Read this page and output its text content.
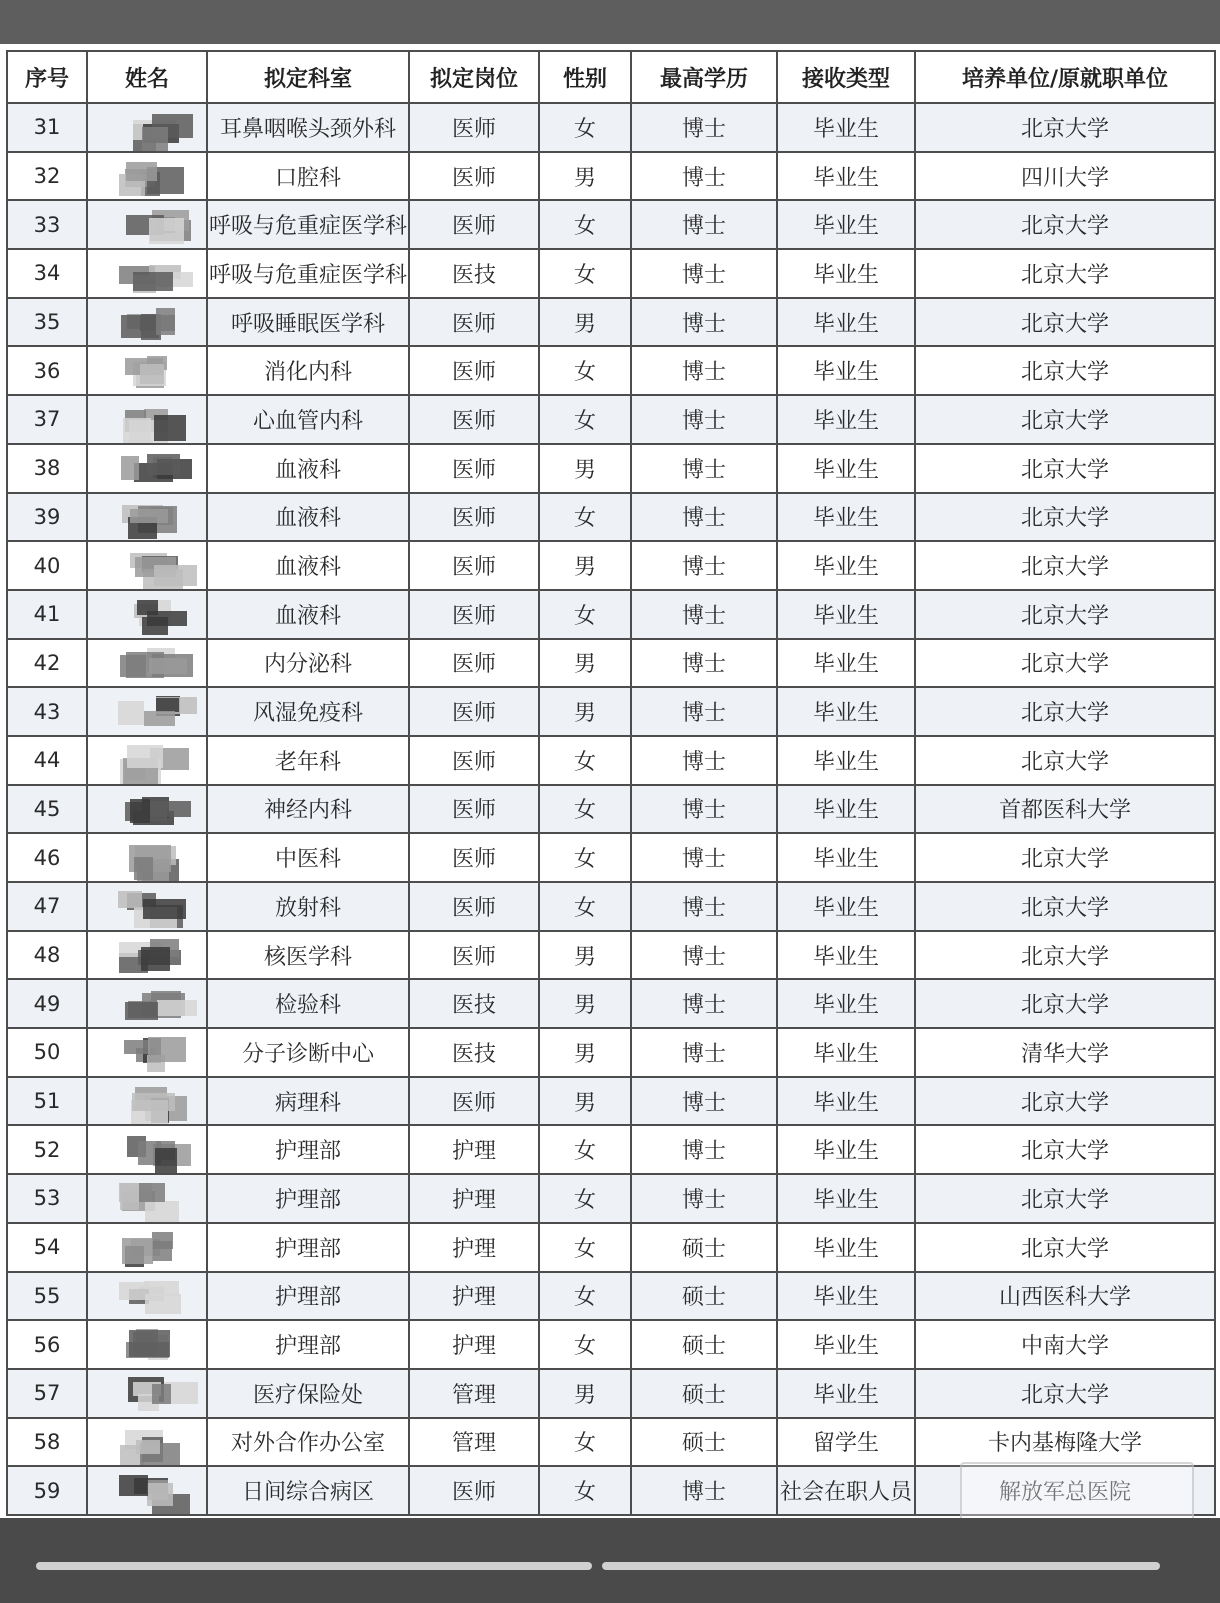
序号	姓名	拟定科室	拟定岗位	性别	最高学历	接收类型	培养单位/原就职单位
31		耳鼻咽喉头颈外科	医师	女	博士	毕业生	北京大学
32		口腔科	医师	男	博士	毕业生	四川大学
33		呼吸与危重症医学科	医师	女	博士	毕业生	北京大学
34		呼吸与危重症医学科	医技	女	博士	毕业生	北京大学
35		呼吸睡眠医学科	医师	男	博士	毕业生	北京大学
36		消化内科	医师	女	博士	毕业生	北京大学
37		心血管内科	医师	女	博士	毕业生	北京大学
38		血液科	医师	男	博士	毕业生	北京大学
39		血液科	医师	女	博士	毕业生	北京大学
40		血液科	医师	男	博士	毕业生	北京大学
41		血液科	医师	女	博士	毕业生	北京大学
42		内分泌科	医师	男	博士	毕业生	北京大学
43		风湿免疫科	医师	男	博士	毕业生	北京大学
44		老年科	医师	女	博士	毕业生	北京大学
45		神经内科	医师	女	博士	毕业生	首都医科大学
46		中医科	医师	女	博士	毕业生	北京大学
47		放射科	医师	女	博士	毕业生	北京大学
48		核医学科	医师	男	博士	毕业生	北京大学
49		检验科	医技	男	博士	毕业生	北京大学
50		分子诊断中心	医技	男	博士	毕业生	清华大学
51		病理科	医师	男	博士	毕业生	北京大学
52		护理部	护理	女	博士	毕业生	北京大学
53		护理部	护理	女	博士	毕业生	北京大学
54		护理部	护理	女	硕士	毕业生	北京大学
55		护理部	护理	女	硕士	毕业生	山西医科大学
56		护理部	护理	女	硕士	毕业生	中南大学
57		医疗保险处	管理	男	硕士	毕业生	北京大学
58		对外合作办公室	管理	女	硕士	留学生	卡内基梅隆大学
59		日间综合病区	医师	女	博士	社会在职人员	解放军总医院
